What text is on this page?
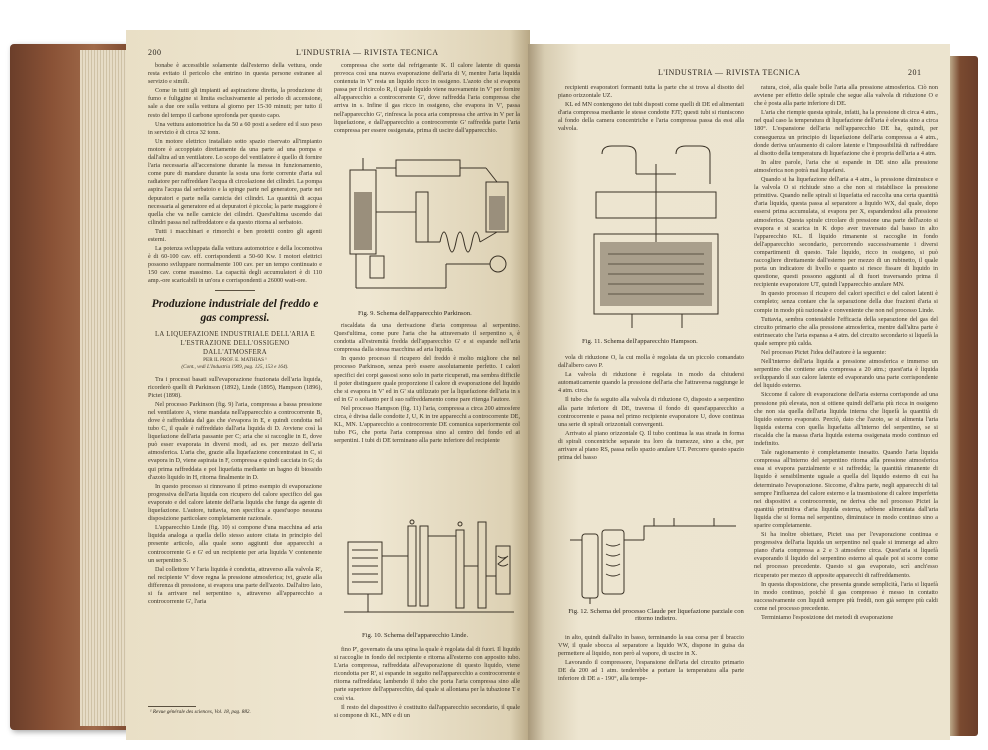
200	L'INDUSTRIA — RIVISTA TECNICA

bonabe è accessibile solamente dall'esterno della vettura, onde resta evitato il pericolo che entrino in questa persone estranee al servizio e simili.

Come in tutti gli impianti ad aspirazione diretta, la produzione di fumo e fuliggine si limita esclusivamente al periodo di accensione, sale a due ore sulla vettura al giorno per 15-30 minuti; per tutto il resto del tempo il carbone sprofonda per questo capo.

Una vettura automotrice ha da 50 a 60 posti a sedere ed il suo peso in servizio è di circa 32 tonn.

Un motore elettrico installato sotto spazio riservato all'impianto motore è accoppiato direttamente da una parte ad una pompa e dall'altra ad un ventilatore. Lo scopo del ventilatore è quello di fornire l'aria necessaria all'accensione durante la messa in funzionamento, come pure di mandare durante la sosta una forte corrente d'aria sul radiatore per raffreddare l'acqua di circolazione dei cilindri. La pompa aspira l'acqua dal serbatoio e la spinge parte nel generatore, parte nei depuratori e parte nella camicia dei cilindri. La quantità di acqua necessaria al generatore ed ai depuratori è piccola; la parte maggiore è quella che va nelle camicie dei cilindri. Quest'ultima uscendo dai cilindri passa nel raffreddatore e da questo ritorna al serbatoio.

Tutti i macchinari e rimorchi e ben protetti contro gli agenti esterni.

La potenza sviluppata dalla vettura automotrice e della locomotiva è di 60-100 cav. eff. corrispondenti a 50-60 Kw. I motori elettrici possono sviluppare normalmente 100 cav. per un tempo continuato e 150 cav. come massimo. La capacità degli accumulatori è di 110 amp.-ore scaricabili in un'ora e corrispondenti a 26000 watt-ore.

Produzione industriale del freddo e gas compressi.
LA LIQUEFAZIONE INDUSTRIALE DELL'ARIA E L'ESTRAZIONE DELL'OSSIGENO DALL'ATMOSFERA
PER IL PROF. E. MATHIAS ¹
(Cont., vedi L'Industria 1909, pag. 125, 153 e 164).

Tra i processi basati sull'evaporazione frazionata dell'aria liquida, ricorderò quelli di Parkinson (1892), Linde (1895), Hampson (1896), Pictet (1898).

Nel processo Parkinson (fig. 9) l'aria, compressa a bassa pressione nel ventilatore A, viene mandata nell'apparecchio a controcorrente B, dove è raffreddata dal gas che s'evapora in E, e quindi condotta nel tubo C, il quale è raffreddato dall'aria liquida di D. Avviene così la liquefazione dell'aria passante per C; aria che si raccoglie in E, dove può esser evaporata in diversi modi, ad es. per mezzo dell'aria atmosferica. L'aria che, grazie alla liquefazione concentratasi in C, si evapora in D, viene aspirata in F, compressa e quindi cacciata in G; da qui prima raffreddata e poi liquefatta mediante un bagno di biossido d'azoto liquido in H, ritorna finalmente in D.

In questo processo si rinnovano il primo esempio di evaporazione progressiva dell'aria liquida con ricupero del calore specifico del gas evaporato e del calore latente dell'aria liquida che funge da agente di liquefazione. L'autore, tuttavia, non specifica a quest'uopo nessuna disposizione particolare completamente razionale.

L'apparecchio Linde (fig. 10) si compone d'una macchina ad aria liquida analoga a quella dello stesso autore citata in principio del presente articolo, alla quale sono aggiunti due apparecchi a controcorrente G e G' ed un recipiente per aria liquida V contenente un serpentino S.

Dal collettore V l'aria liquida è condotta, attraverso alla valvola R', nel recipiente V' dove regna la pressione atmosferica; ivi, grazie alla differenza di pressione, si evapora una parte dell'azoto. Dall'altro lato, si fa arrivare nel serpentino s, attraverso all'apparecchio a controcorrente G', l'aria

¹ Revue générale des sciences, Vol. 18, pag. 882.

compressa che sorte dal refrigerante K. Il calore latente di questa provoca così una nuova evaporazione dell'aria di V, mentre l'aria liquida contenuta in V' resta un liquido ricco in ossigeno. L'azoto che si evapora passa per il ricircolo R, il quale liquido viene nuovamente in V' per fornire all'apparecchio a controcorrente G', dove raffredda l'aria compressa che arriva in s. Infine il gas ricco in ossigeno, che evapora in V', passa nell'apparecchio G', rinfresca la poca aria compressa che arriva in V per la liquefazione, e dall'apparecchio a controcorrente G' raffredda parte l'aria compressa per essere ossigenata, prima di uscire dall'apparecchio.

Fig. 9. Schema dell'apparecchio Parkinson.

riscaldata da una derivazione d'aria compressa al serpentino. Quest'ultima, come pure l'aria che ha attraversato il serpentino s, è condotta all'estremità fredda dell'apparecchio G' e si espande nell'aria compressa dalla stessa macchina ad aria liquida.

In questo processo il ricupero del freddo è molto migliore che nel processo Parkinson, senza però essere assolutamente perfetto. I calori specifici dei corpi gassosi sono solo in parte ricuperati, ma sembra difficile il poter distinguere quale proporzione il calore di evaporazione del liquido che si evapora in V' ed in G' sia utilizzato per la liquefazione dell'aria in s ed in G' o soltanto per il suo raffreddamento come pare ritenga l'autore.

Nel processo Hampson (fig. 11) l'aria, compressa a circa 200 atmosfere circa, è divisa dalle condotte J, U, K in tre apparecchi a controcorrente DE, KL, MN. L'apparecchio a controcorrente DE comunica superiormente col tubo FG, che porta l'aria compressa sino al centro del fondo ed ai serpentini. I tubi di DE terminano alla parte inferiore del recipiente

Fig. 10. Schema dell'apparecchio Linde.

fino P', governato da una spina la quale è regolata dal di fuori. Il liquido si raccoglie in fondo del recipiente e ritorna all'esterno con apposito tubo. L'aria compressa, raffreddata all'evaporazione di questo liquido, viene ricondotta per R', si espande in seguito nell'apparecchio a controcorrente e ritorna raffreddata; lambendo il tubo che porta l'aria compressa sino alle parte superiore dell'apparecchio, dal quale si allontana per la tubazione T e così via.

Il resto del dispositivo è costituito dall'apparecchio secondario, il quale si compone di KL, MN e di un

L'INDUSTRIA — RIVISTA TECNICA	201

recipienti evaporatori formanti tutta la parte che si trova al disotto del piano orizzontale UZ.

KL ed MN contengono dei tubi disposti come quelli di DE ed alimentati d'aria compressa mediante le stesse condotte FJT; questi tubi si riuniscono al fondo della camera concentriche e l'aria compressa passa da essi alla valvola.

Fig. 11. Schema dell'apparecchio Hampson.

vola di riduzione O, la cui molla è regolata da un piccolo comandato dall'albero cavo P.

La valvola di riduzione è regolata in modo da chiudersi automaticamente quando la pressione dell'aria che l'attraversa raggiunge le 4 atm. circa.

Il tubo che fa seguito alla valvola di riduzione O, disposto a serpentino alla parte inferiore di DE, traversa il fondo di quest'apparecchio a controcorrente e passa nel primo recipiente evaporatore U, dove continua una serie di spirali orizzontali convergenti.

Arrivato al piano orizzontale Q. Il tubo continua la sua strada in forma di spirali concentriche separate tra loro da tramezze, sino a che, per arrivare al piano RS, passa nello spazio anulare UT. Percorre questo spazio prima del basso

Fig. 12. Schema del processo Claude per liquefazione parziale con ritorno indietro.

in alto, quindi dall'alto in basso, terminando la sua corsa per il braccio VW, il quale sbocca al separatore a liquido WX, dispone in guisa da permettere al liquido, non però al vapore, di uscire in X.

Lavorando il compressore, l'espansione dell'aria del circuito primario DE da 200 ad 1 atm. tenderebbe a portare la temperatura alla parte inferiore di DE a - 190°, alla tempe-

ratura, cioè, alla quale bolle l'aria alla pressione atmosferica. Ciò non avviene per effetto delle spirale che segue alla valvola di riduzione O e che è posta alla parte inferiore di DE.

L'aria che riempie questa spirale, infatti, ha la pressione di circa 4 atm., nel qual caso la temperatura di liquefazione dell'aria è elevata sino a circa 180°. L'espansione dell'aria nell'apparecchio DE ha, quindi, per conseguenza un principio di liquefazione dell'aria compressa a 4 atm., donde deriva un'aumento di calore latente e l'impossibilità di raffreddare al disotto della temperatura di liquefazione che è propria dell'aria a 4 atm.

In altre parole, l'aria che si espande in DE sino alla pressione atmosferica non potrà mai liquefarsi.

Quando si ha liquefazione dell'aria a 4 atm., la pressione diminuisce e la valvola O si richiude sino a che non si ristabilisce la pressione primitiva. Quando nelle spirali si liquefatta ed raccolta una certa quantità d'aria liquida, questa passa al separatore a liquido WX, dal quale, dopo essersi prima accumulata, si evapora per X, espandendosi alla pressione atmosferica. Questa spirale circolare di pressione una parte dell'azoto si evapora e si scarica in K dopo aver traversato dal basso in alto l'apparecchio KL. Il liquido rimanente si raccoglie in fondo dell'apparecchio secondario, percorrendo successivamente i diversi compartimenti di questo. Tale liquido, ricco in ossigeno, si può raccogliere direttamente dall'esterno per mezzo di un rubinetto, il quale porta un indicatore di livello e quanto si riesce fissare di liquido in questione, questi possono aggiunti al di fuori traversando prima il recipiente evaporatore UT, quindi l'apparecchio anulare MN.

In questo processo il ricupero del calori specifici e del calori latenti è completo; senza contare che la separazione della due frazioni d'aria si compie in modo più razionale e conveniente che non nel processo Linde.

Tuttavia, sembra contestabile l'efficacia della separazione del gas del circuito primario che alla pressione atmosferica, mentre dall'altra parte è estrinsecato che l'aria espansa a 4 atm. del circuito secondario si liquefà la quale sempre più calda.

Nel processo Pictet l'idea dell'autore è la seguente:

Nell'interno dell'aria liquida a pressione atmosferica e immerso un serpentino che contiene aria compressa a 20 atm.; quest'aria è liquida sviluppando il suo calore latente ed evaporando una parte corrispondente del liquido esterno.

Siccome il calore di evaporazione dell'aria esterna corrisponde ad una pressione più elevata, non si ottiene quindi dell'aria più ricca in ossigeno che non sia quella dell'aria liquida interna che liquefà la quantità di liquido esterno evaporato. Perciò, dato che l'azoto, se si alimenta l'aria liquida esterna con quella liquefatta all'interno del serpentino, se si riscalda che la massa d'aria liquida esterna ossigenata modo continuo ed indefinito.

Tale ragionamento è completamente inesatto. Quando l'aria liquida compressa all'interno del serpentino ritorna alla pressione atmosferica essa si evapora parzialmente e si raffredda; la quantità rimanente di liquido è sensibilmente uguale a quella del liquido esterno di cui ha determinato l'evaporazione. Siccome, d'altra parte, negli apparecchi di tal sempre l'influenza del calore esterno e la trasmissione di calore imperfetta nei dispositivi a controcorrente, ne deriva che nel processo Pictet la quantità primitiva d'aria liquida esterna, sebbene alimentata dall'aria liquida che si forma nel serpentino, diminuisce in modo continuo sino a sparire completamente.

Si ha inoltre obiettare, Pictet usa per l'evaporazione continua e progressiva dell'aria liquida un serpentino nel quale si immerge ad altro piano d'aria compressa a 2 e 3 atmosfere circa. Quest'aria si liquefà evaporando il liquido del serpentino esterno al quale poi si scorre come nel processo precedente. Questo si gas evaporato, scrì anch'esso ricuperato per mezzo di apposite apparecchi di raffreddamento.

In questa disposizione, che presenta grande semplicità, l'aria si liquefà in modo continuo, poichè il gas compresso è messo in contatto successivamente con liquidi sempre più freddi, non già sempre più caldi come nel processo precedente.

Terminiamo l'esposizione dei metodi di evaporazione
